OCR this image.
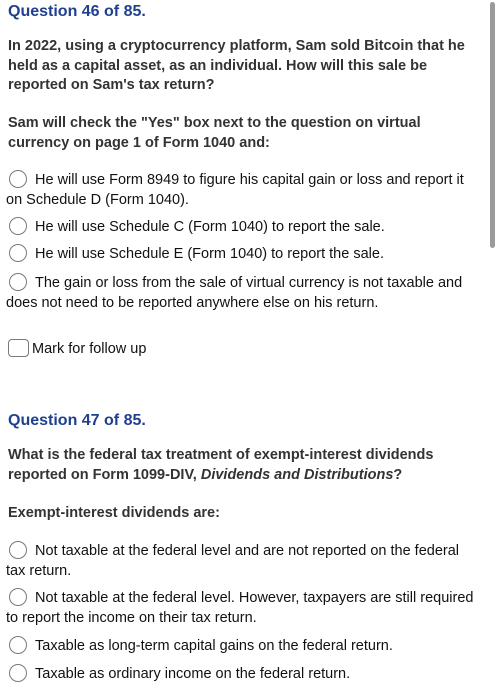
Question 46 of 85.
In 2022, using a cryptocurrency platform, Sam sold Bitcoin that he held as a capital asset, as an individual. How will this sale be reported on Sam's tax return?
Sam will check the "Yes" box next to the question on virtual currency on page 1 of Form 1040 and:
He will use Form 8949 to figure his capital gain or loss and report it on Schedule D (Form 1040).
He will use Schedule C (Form 1040) to report the sale.
He will use Schedule E (Form 1040) to report the sale.
The gain or loss from the sale of virtual currency is not taxable and does not need to be reported anywhere else on his return.
Mark for follow up
Question 47 of 85.
What is the federal tax treatment of exempt-interest dividends reported on Form 1099-DIV, Dividends and Distributions?
Exempt-interest dividends are:
Not taxable at the federal level and are not reported on the federal tax return.
Not taxable at the federal level. However, taxpayers are still required to report the income on their tax return.
Taxable as long-term capital gains on the federal return.
Taxable as ordinary income on the federal return.
